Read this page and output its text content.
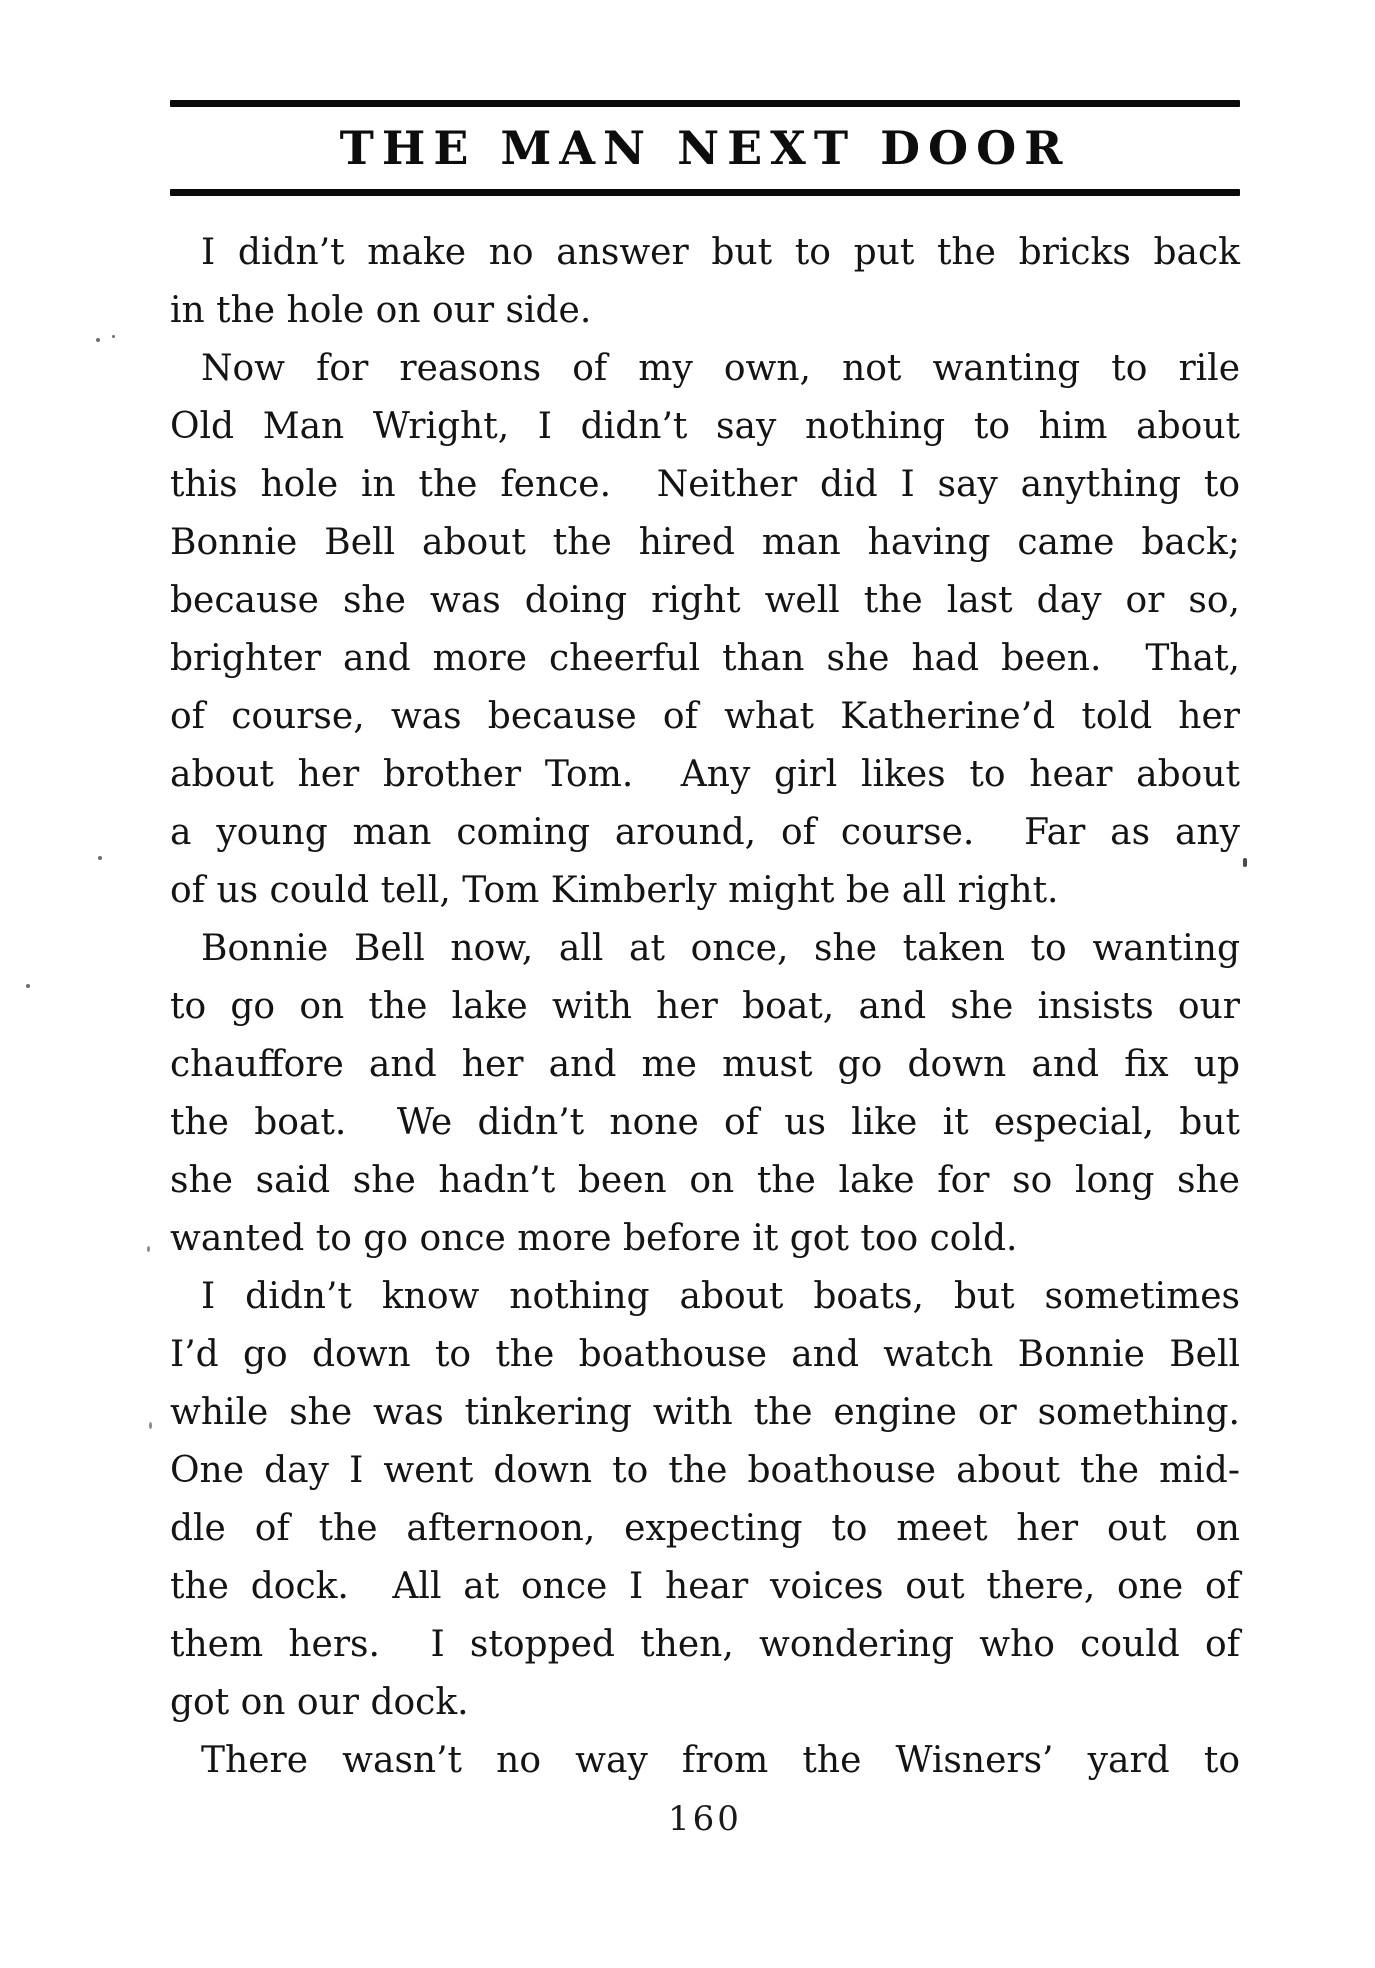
THE MAN NEXT DOOR
I didn’t make no answer but to put the bricks back
in the hole on our side.
Now for reasons of my own, not wanting to rile
Old Man Wright, I didn’t say nothing to him about
this hole in the fence.  Neither did I say anything to
Bonnie Bell about the hired man having came back;
because she was doing right well the last day or so,
brighter and more cheerful than she had been.  That,
of course, was because of what Katherine’d told her
about her brother Tom.  Any girl likes to hear about
a young man coming around, of course.  Far as any
of us could tell, Tom Kimberly might be all right.
Bonnie Bell now, all at once, she taken to wanting
to go on the lake with her boat, and she insists our
chauffore and her and me must go down and fix up
the boat.  We didn’t none of us like it especial, but
she said she hadn’t been on the lake for so long she
wanted to go once more before it got too cold.
I didn’t know nothing about boats, but sometimes
I’d go down to the boathouse and watch Bonnie Bell
while she was tinkering with the engine or something.
One day I went down to the boathouse about the mid-
dle of the afternoon, expecting to meet her out on
the dock.  All at once I hear voices out there, one of
them hers.  I stopped then, wondering who could of
got on our dock.
There wasn’t no way from the Wisners’ yard to
160
